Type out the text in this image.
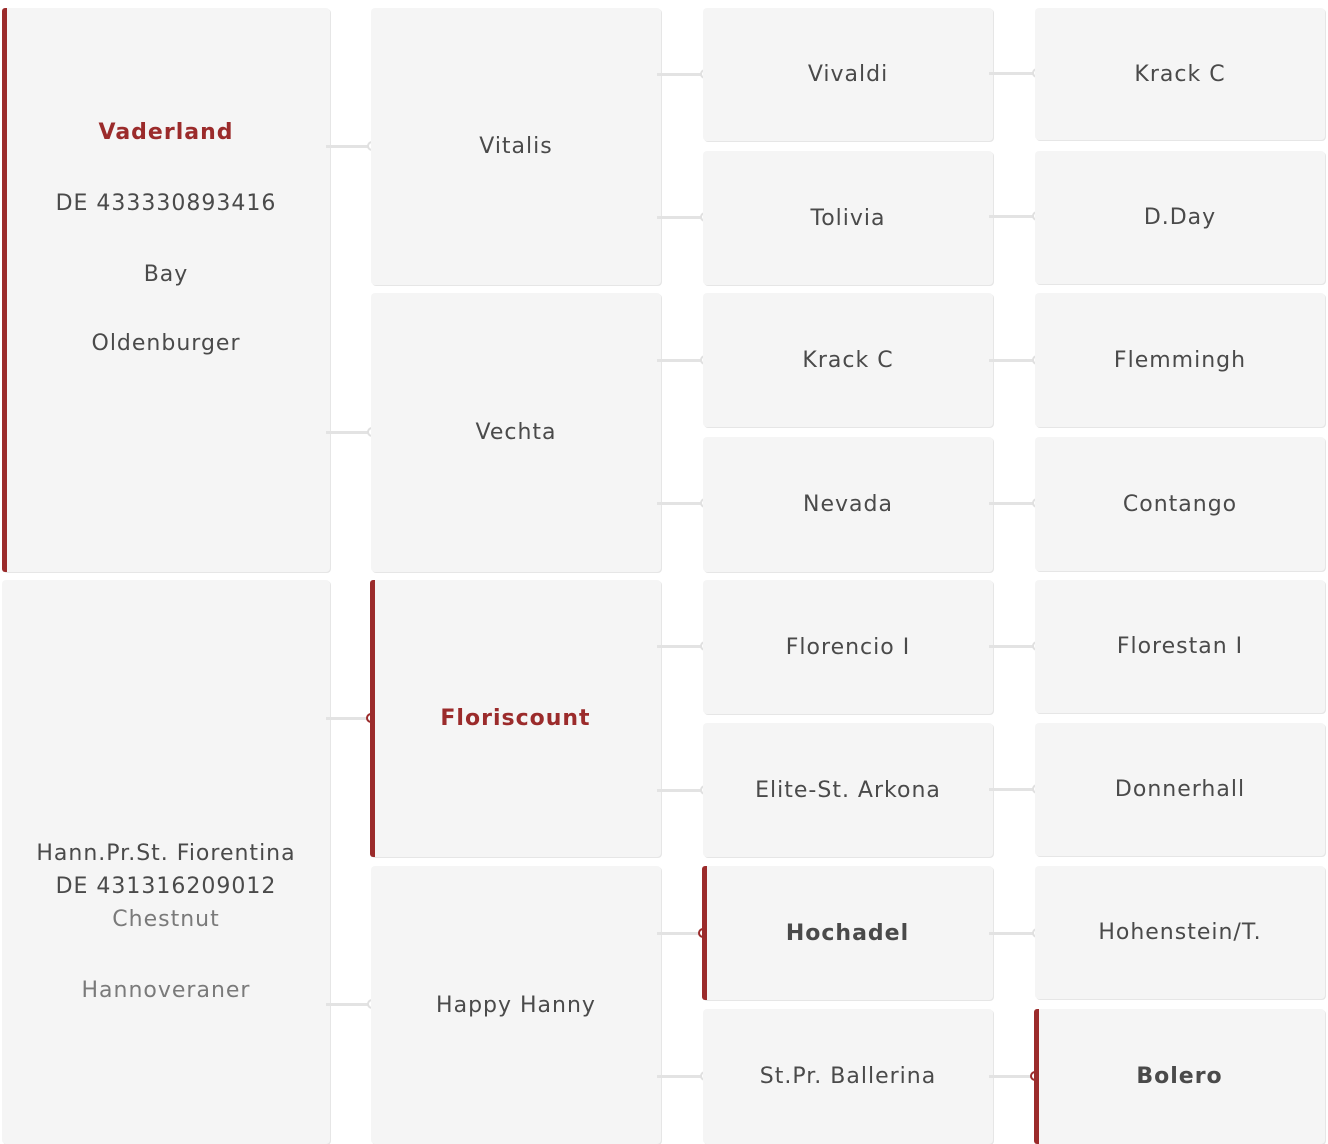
Vaderland
DE 433330893416
Bay
Oldenburger
Hann.Pr.St. Fiorentina
DE 431316209012
Chestnut
Hannoveraner
Vitalis
Vechta
Floriscount
Happy Hanny
Vivaldi
Tolivia
Krack C
Nevada
Florencio I
Elite-St. Arkona
Hochadel
St.Pr. Ballerina
Krack C
D.Day
Flemmingh
Contango
Florestan I
Donnerhall
Hohenstein/T.
Bolero
